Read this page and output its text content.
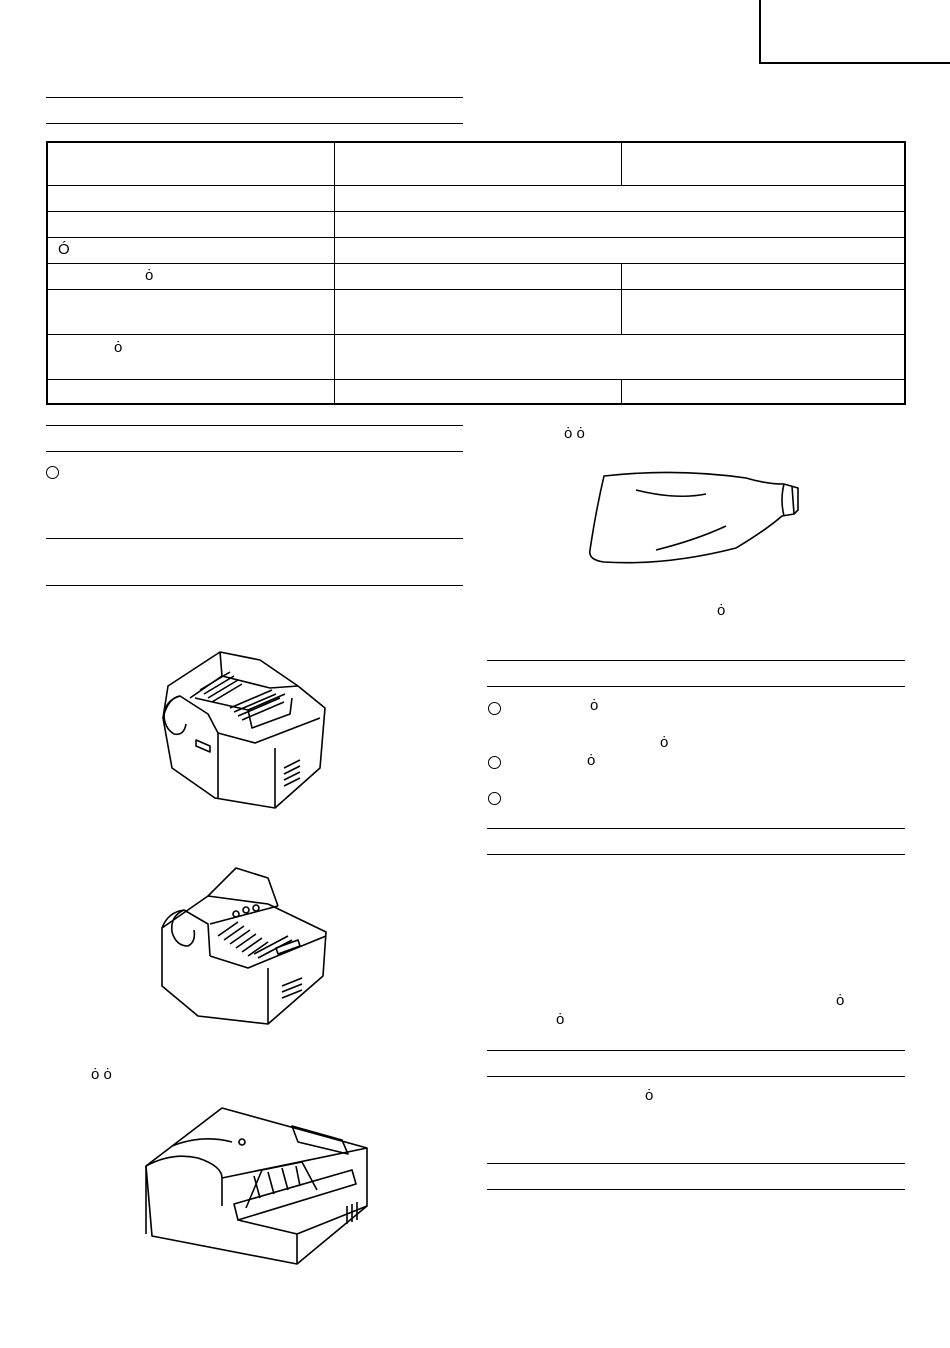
Ó
ȯ
ȯ
ȯ ȯ
ȯ ȯ
ȯ
ȯ
ȯ
ȯ
ȯ
ȯ
ȯ
